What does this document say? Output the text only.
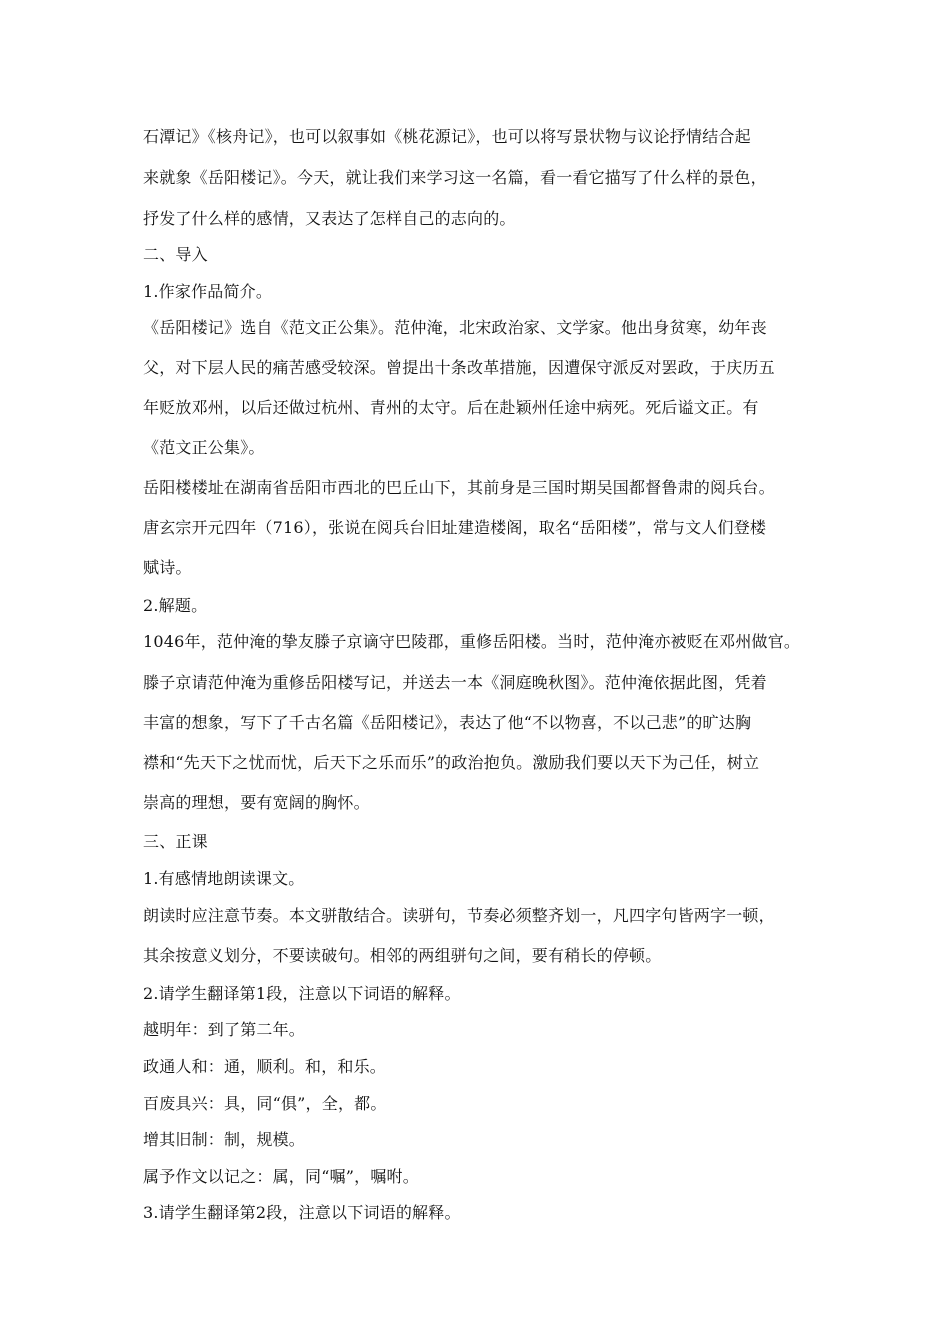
石潭记》《核舟记》，也可以叙事如《桃花源记》，也可以将写景状物与议论抒情结合起
来就象《岳阳楼记》。今天，就让我们来学习这一名篇，看一看它描写了什么样的景色，
抒发了什么样的感情，又表达了怎样自己的志向的。
二、导入
1.作家作品简介。
《岳阳楼记》选自《范文正公集》。范仲淹，北宋政治家、文学家。他出身贫寒，幼年丧
父，对下层人民的痛苦感受较深。曾提出十条改革措施，因遭保守派反对罢政，于庆历五
年贬放邓州，以后还做过杭州、青州的太守。后在赴颖州任途中病死。死后谥文正。有
《范文正公集》。
岳阳楼楼址在湖南省岳阳市西北的巴丘山下，其前身是三国时期吴国都督鲁肃的阅兵台。
唐玄宗开元四年（716），张说在阅兵台旧址建造楼阁，取名“岳阳楼”，常与文人们登楼
赋诗。
2.解题。
1046年，范仲淹的挚友滕子京谪守巴陵郡，重修岳阳楼。当时，范仲淹亦被贬在邓州做官。
滕子京请范仲淹为重修岳阳楼写记，并送去一本《洞庭晚秋图》。范仲淹依据此图，凭着
丰富的想象，写下了千古名篇《岳阳楼记》，表达了他“不以物喜，不以己悲”的旷达胸
襟和“先天下之忧而忧，后天下之乐而乐”的政治抱负。激励我们要以天下为己任，树立
崇高的理想，要有宽阔的胸怀。
三、正课
1.有感情地朗读课文。
朗读时应注意节奏。本文骈散结合。读骈句，节奏必须整齐划一，凡四字句皆两字一顿，
其余按意义划分，不要读破句。相邻的两组骈句之间，要有稍长的停顿。
2.请学生翻译第1段，注意以下词语的解释。
越明年：到了第二年。
政通人和：通，顺利。和，和乐。
百废具兴：具，同“俱”，全，都。
增其旧制：制，规模。
属予作文以记之：属，同“嘱”，嘱咐。
3.请学生翻译第2段，注意以下词语的解释。
